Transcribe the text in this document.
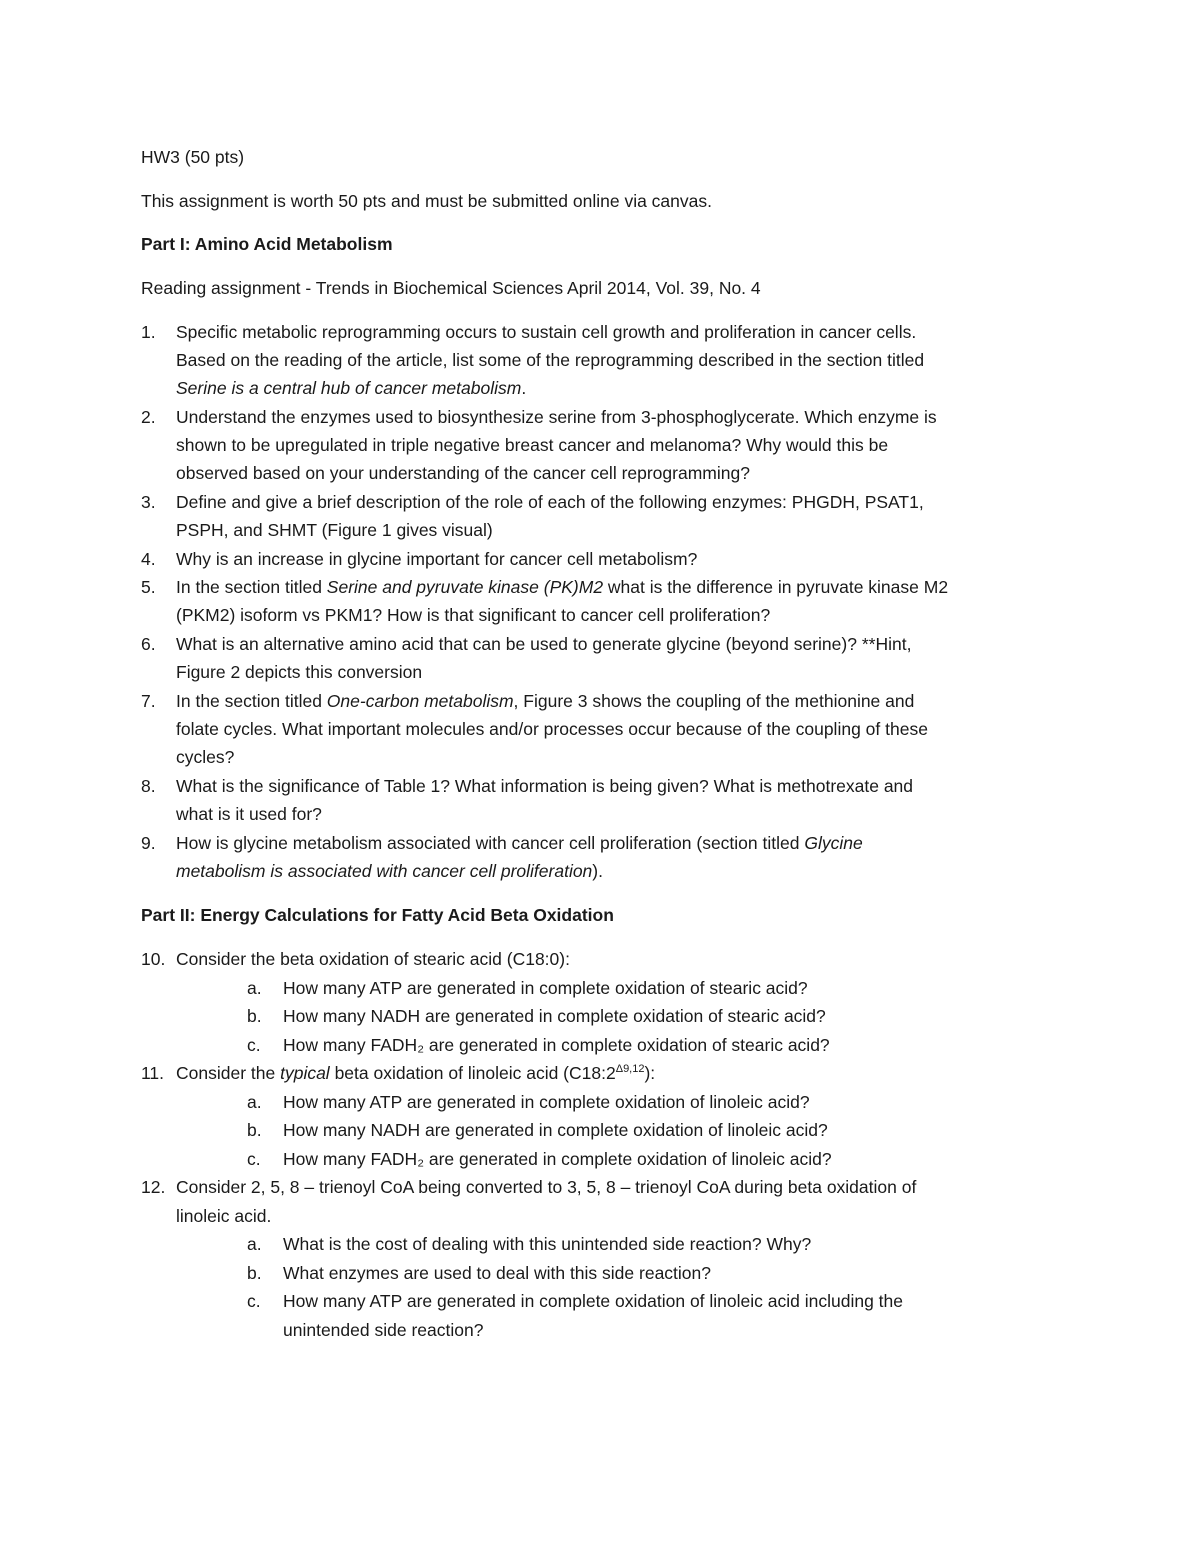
HW3 (50 pts)
This assignment is worth 50 pts and must be submitted online via canvas.
Part I: Amino Acid Metabolism
Reading assignment - Trends in Biochemical Sciences April 2014, Vol. 39, No. 4
1. Specific metabolic reprogramming occurs to sustain cell growth and proliferation in cancer cells.
Based on the reading of the article, list some of the reprogramming described in the section titled
Serine is a central hub of cancer metabolism.
2. Understand the enzymes used to biosynthesize serine from 3-phosphoglycerate. Which enzyme is
shown to be upregulated in triple negative breast cancer and melanoma? Why would this be
observed based on your understanding of the cancer cell reprogramming?
3. Define and give a brief description of the role of each of the following enzymes: PHGDH, PSAT1,
PSPH, and SHMT (Figure 1 gives visual)
4. Why is an increase in glycine important for cancer cell metabolism?
5. In the section titled Serine and pyruvate kinase (PK)M2 what is the difference in pyruvate kinase M2
(PKM2) isoform vs PKM1? How is that significant to cancer cell proliferation?
6. What is an alternative amino acid that can be used to generate glycine (beyond serine)? **Hint,
Figure 2 depicts this conversion
7. In the section titled One-carbon metabolism, Figure 3 shows the coupling of the methionine and
folate cycles. What important molecules and/or processes occur because of the coupling of these
cycles?
8. What is the significance of Table 1? What information is being given? What is methotrexate and
what is it used for?
9. How is glycine metabolism associated with cancer cell proliferation (section titled Glycine
metabolism is associated with cancer cell proliferation).
Part II: Energy Calculations for Fatty Acid Beta Oxidation
10. Consider the beta oxidation of stearic acid (C18:0):
a. How many ATP are generated in complete oxidation of stearic acid?
b. How many NADH are generated in complete oxidation of stearic acid?
c. How many FADH₂ are generated in complete oxidation of stearic acid?
11. Consider the typical beta oxidation of linoleic acid $(C18:2^{\Delta 9,12})$:
a. How many ATP are generated in complete oxidation of linoleic acid?
b. How many NADH are generated in complete oxidation of linoleic acid?
c. How many FADH₂ are generated in complete oxidation of linoleic acid?
12. Consider 2, 5, 8 – trienoyl CoA being converted to 3, 5, 8 – trienoyl CoA during beta oxidation of
linoleic acid.
a. What is the cost of dealing with this unintended side reaction? Why?
b. What enzymes are used to deal with this side reaction?
c. How many ATP are generated in complete oxidation of linoleic acid including the
unintended side reaction?
